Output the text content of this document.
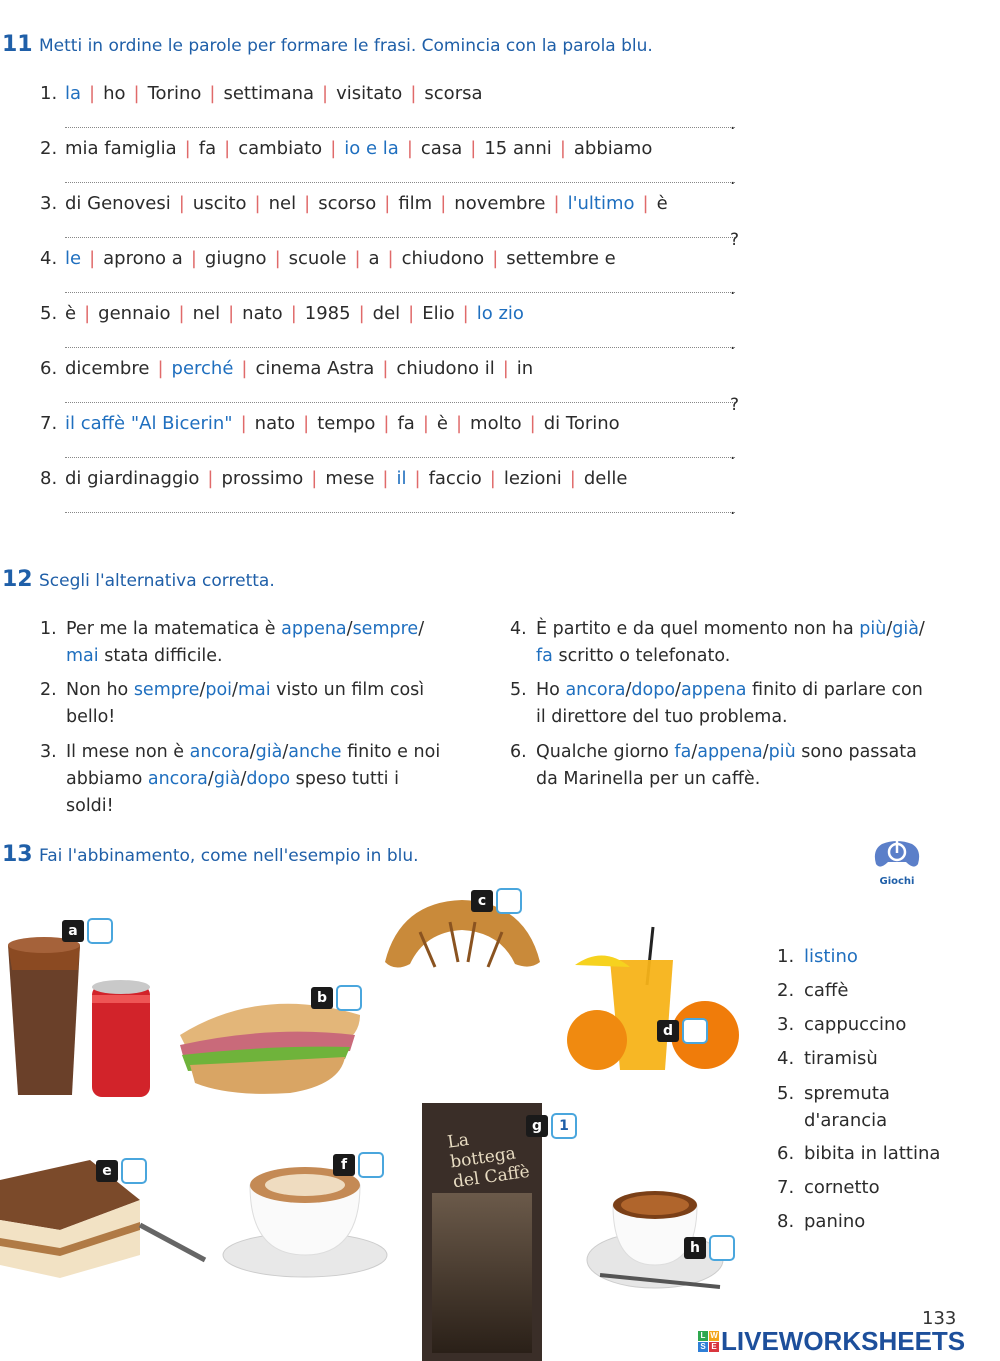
11 Metti in ordine le parole per formare le frasi. Comincia con la parola blu.
1. la | ho | Torino | settimana | visitato | scorsa
.
2. mia famiglia | fa | cambiato | io e la | casa | 15 anni | abbiamo
.
3. di Genovesi | uscito | nel | scorso | film | novembre | l'ultimo | è
?
4. le | aprono a | giugno | scuole | a | chiudono | settembre e
.
5. è | gennaio | nel | nato | 1985 | del | Elio | lo zio
.
6. dicembre | perché | cinema Astra | chiudono il | in
?
7. il caffè "Al Bicerin" | nato | tempo | fa | è | molto | di Torino
.
8. di giardinaggio | prossimo | mese | il | faccio | lezioni | delle
.
12 Scegli l'alternativa corretta.
1. Per me la matematica è appena/sempre/ mai stata difficile.
2. Non ho sempre/poi/mai visto un film così bello!
3. Il mese non è ancora/già/anche finito e noi abbiamo ancora/già/dopo speso tutti i soldi!
4. È partito e da quel momento non ha più/già/ fa scritto o telefonato.
5. Ho ancora/dopo/appena finito di parlare con il direttore del tuo problema.
6. Qualche giorno fa/appena/più sono passata da Marinella per un caffè.
13 Fai l'abbinamento, come nell'esempio in blu.
Giochi
a
b
c
d
e	f
La bottega del Caffè
g	1
h
1. listino
2. caffè
3. cappuccino
4. tiramisù
5. spremuta d'arancia
6. bibita in lattina
7. cornetto
8. panino
133
L W
S E LIVEWORKSHEETS
